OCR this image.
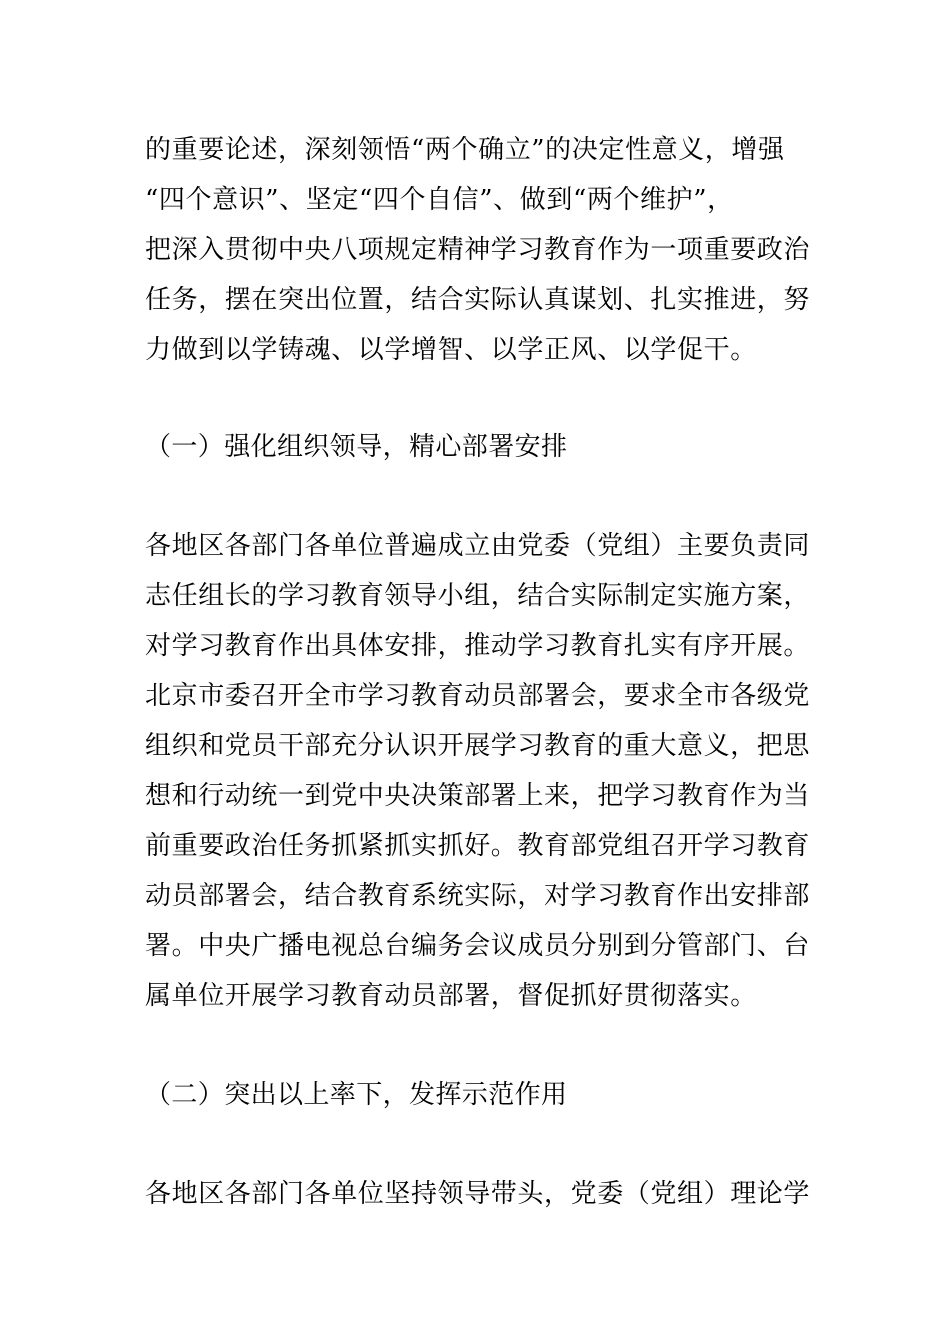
的重要论述，深刻领悟“两个确立”的决定性意义，增强
“四个意识”、坚定“四个自信”、做到“两个维护”，
把深入贯彻中央八项规定精神学习教育作为一项重要政治
任务，摆在突出位置，结合实际认真谋划、扎实推进，努
力做到以学铸魂、以学增智、以学正风、以学促干。
（一）强化组织领导，精心部署安排
各地区各部门各单位普遍成立由党委（党组）主要负责同
志任组长的学习教育领导小组，结合实际制定实施方案，
对学习教育作出具体安排，推动学习教育扎实有序开展。
北京市委召开全市学习教育动员部署会，要求全市各级党
组织和党员干部充分认识开展学习教育的重大意义，把思
想和行动统一到党中央决策部署上来，把学习教育作为当
前重要政治任务抓紧抓实抓好。教育部党组召开学习教育
动员部署会，结合教育系统实际，对学习教育作出安排部
署。中央广播电视总台编务会议成员分别到分管部门、台
属单位开展学习教育动员部署，督促抓好贯彻落实。
（二）突出以上率下，发挥示范作用
各地区各部门各单位坚持领导带头，党委（党组）理论学
